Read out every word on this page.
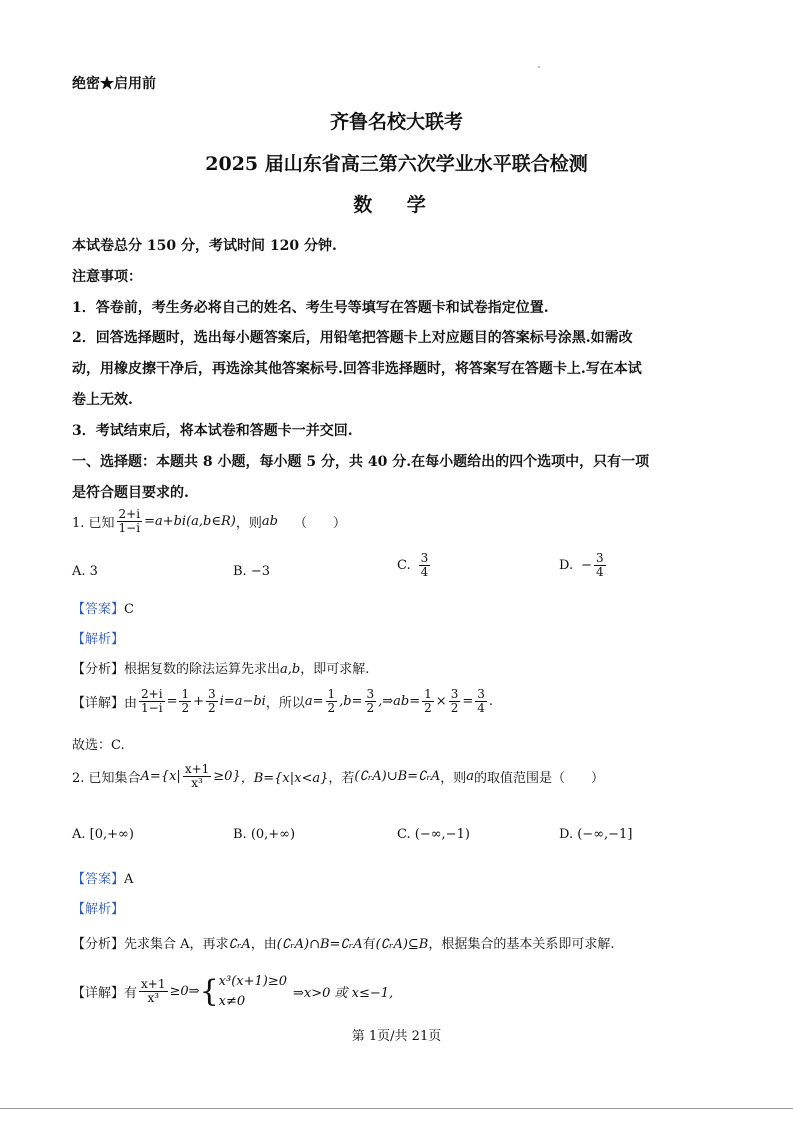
绝密★启用前
齐鲁名校大联考
2025 届山东省高三第六次学业水平联合检测
数 学
本试卷总分 150 分，考试时间 120 分钟.
注意事项：
1．答卷前，考生务必将自己的姓名、考生号等填写在答题卡和试卷指定位置.
2．回答选择题时，选出每小题答案后，用铅笔把答题卡上对应题目的答案标号涂黑.如需改
动，用橡皮擦干净后，再选涂其他答案标号.回答非选择题时，将答案写在答题卡上.写在本试
卷上无效.
3．考试结束后，将本试卷和答题卡一并交回.
一、选择题：本题共 8 小题，每小题 5 分，共 40 分.在每小题给出的四个选项中，只有一项
是符合题目要求的.
1. 已知 $\frac{2+i}{1-i}$ =a+bi(a,b∈R) ，则 ab （　　）
A. 3	B. −3	C. $\frac{3}{4}$	D. − $\frac{3}{4}$
【答案】C
【解析】
【分析】根据复数的除法运算先求出a,b，即可求解.
【详解】 由 $\frac{2+i}{1-i} = \frac{1}{2} + \frac{3}{2} i=a-bi$ ，所以 $a= \frac{1}{2} ,b= \frac{3}{2}$ ,⇒ab= $\frac{1}{2} \times \frac{3}{2} = \frac{3}{4}$ .
故选：C.
2. 已知集合 $A=\{x| \frac{x+1}{\text{x³}} \ge 0\}$ ，B={x|x<a} ，若 (∁ᵣA)∪B=∁ᵣA ，则 a 的取值范围是（　　）
A. [0,+∞)	B. (0,+∞)	C. (−∞,−1)	D. (−∞,−1]
【答案】A
【解析】
【分析】先求集合 A，再求∁ᵣA，由(∁ᵣA)∩B=∁ᵣA有(∁ᵣA)⊆B，根据集合的基本关系即可求解.
【详解】 有 $\frac{x+1}{\text{x³}}$ ≥0⇒ { x³(x+1)≥0
x≠0	⇒x>0 或 x≤−1,
第 1页/共 21页
